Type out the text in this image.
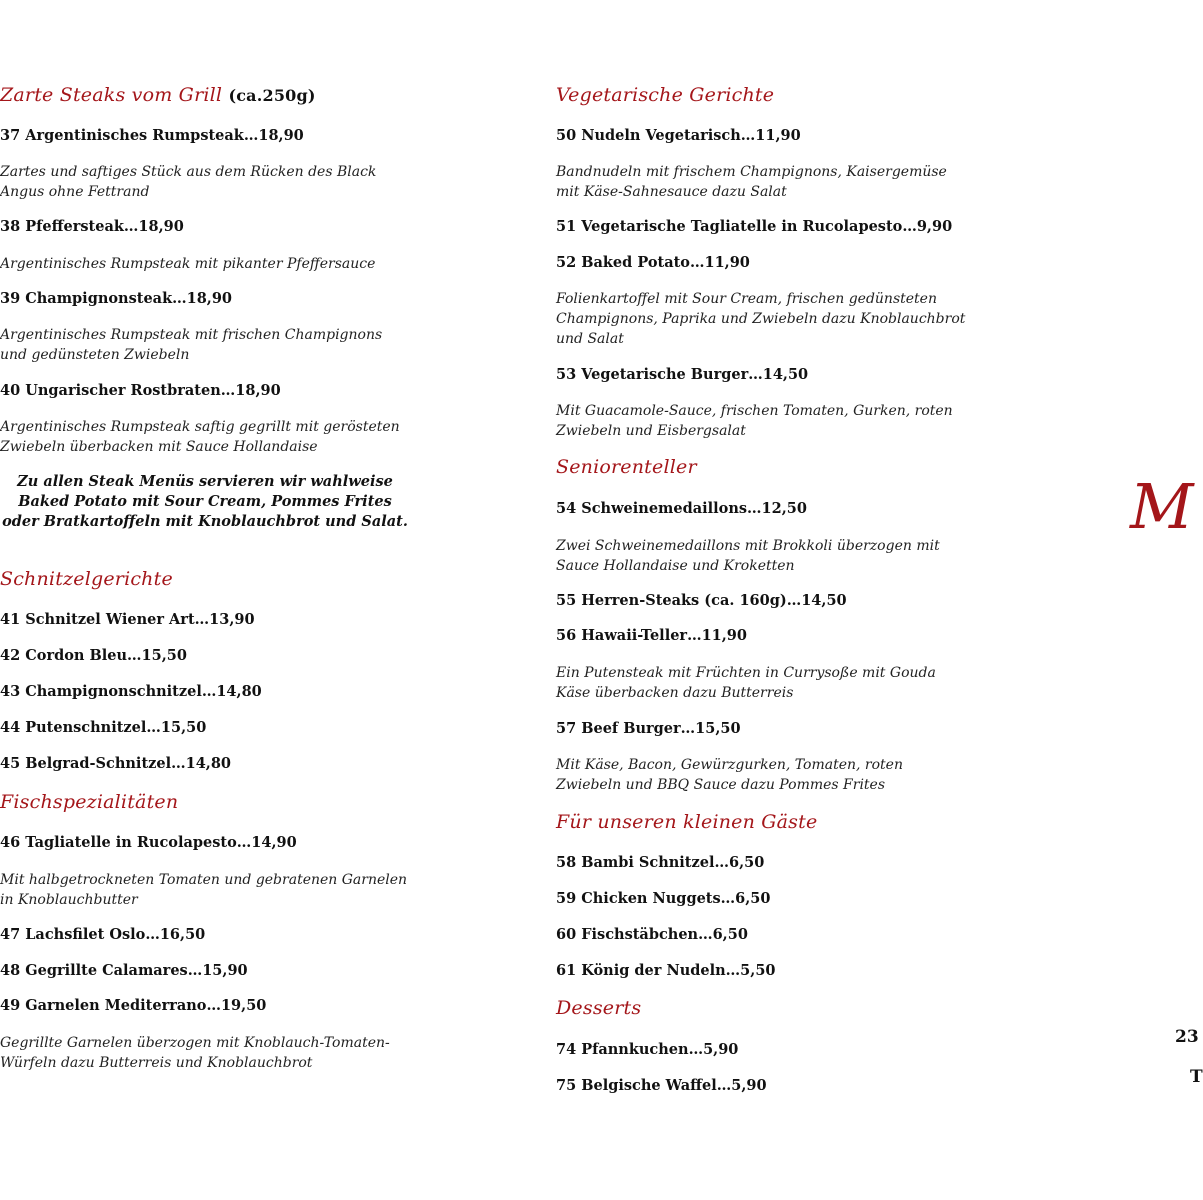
Zarte Steaks vom Grill (ca.250g)
37 Argentinisches Rumpsteak…18,90
Zartes und saftiges Stück aus dem Rücken des Black Angus ohne Fettrand
38 Pfeffersteak…18,90
Argentinisches Rumpsteak mit pikanter Pfeffersauce
39 Champignonsteak…18,90
Argentinisches Rumpsteak mit frischen Champignons und gedünsteten Zwiebeln
40 Ungarischer Rostbraten…18,90
Argentinisches Rumpsteak saftig gegrillt mit gerösteten Zwiebeln überbacken mit Sauce Hollandaise
Zu allen Steak Menüs servieren wir wahlweise Baked Potato mit Sour Cream, Pommes Frites oder Bratkartoffeln mit Knoblauchbrot und Salat.
Schnitzelgerichte
41 Schnitzel Wiener Art…13,90
42 Cordon Bleu…15,50
43 Champignonschnitzel…14,80
44 Putenschnitzel…15,50
45 Belgrad-Schnitzel…14,80
Fischspezialitäten
46 Tagliatelle in Rucolapesto…14,90
Mit halbgetrockneten Tomaten und gebratenen Garnelen in Knoblauchbutter
47 Lachsfilet Oslo…16,50
48 Gegrillte Calamares…15,90
49 Garnelen Mediterrano…19,50
Gegrillte Garnelen überzogen mit Knoblauch-Tomaten-Würfeln dazu Butterreis und Knoblauchbrot
Vegetarische Gerichte
50 Nudeln Vegetarisch…11,90
Bandnudeln mit frischem Champignons, Kaisergemüse mit Käse-Sahnesauce dazu Salat
51 Vegetarische Tagliatelle in Rucolapesto…9,90
52 Baked Potato…11,90
Folienkartoffel mit Sour Cream, frischen gedünsteten Champignons, Paprika und Zwiebeln dazu Knoblauchbrot und Salat
53 Vegetarische Burger…14,50
Mit Guacamole-Sauce, frischen Tomaten, Gurken, roten Zwiebeln und Eisbergsalat
Seniorenteller
54 Schweinemedaillons…12,50
Zwei Schweinemedaillons mit Brokkoli überzogen mit Sauce Hollandaise und Kroketten
55 Herren-Steaks (ca. 160g)…14,50
56 Hawaii-Teller…11,90
Ein Putensteak mit Früchten in Currysoße mit Gouda Käse überbacken dazu Butterreis
57 Beef Burger…15,50
Mit Käse, Bacon, Gewürzgurken, Tomaten, roten Zwiebeln und BBQ Sauce dazu Pommes Frites
Für unseren kleinen Gäste
58 Bambi Schnitzel…6,50
59 Chicken Nuggets…6,50
60 Fischstäbchen…6,50
61 König der Nudeln…5,50
Desserts
74 Pfannkuchen…5,90
75 Belgische Waffel…5,90
M
23
T
